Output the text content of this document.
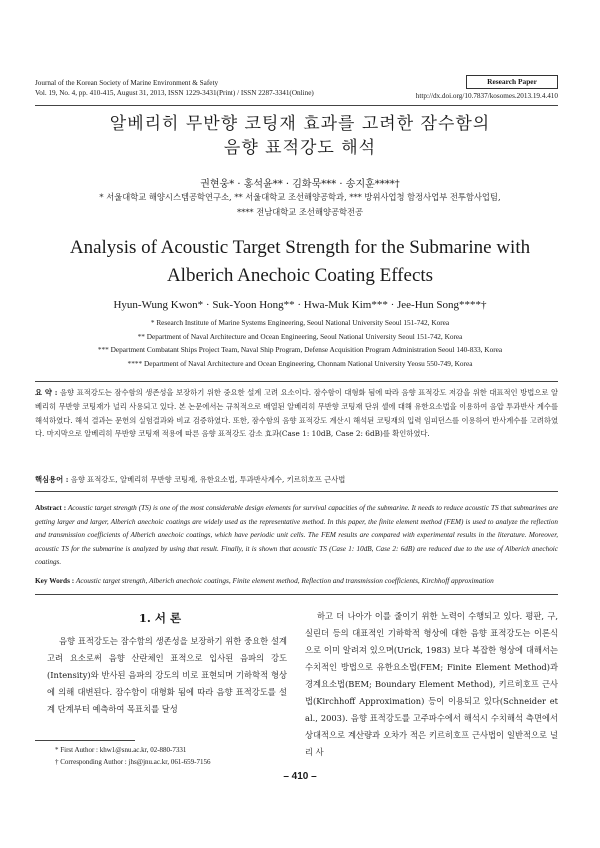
Journal of the Korean Society of Marine Environment & Safety
Vol. 19, No. 4, pp. 410-415, August 31, 2013, ISSN 1229-3431(Print) / ISSN 2287-3341(Online)
Research Paper
http://dx.doi.org/10.7837/kosomes.2013.19.4.410
알베리히 무반향 코팅재 효과를 고려한 잠수함의
음향 표적강도 해석
권현웅* · 홍석윤** · 김화묵*** · 송지훈****†
* 서울대학교 해양시스템공학연구소, ** 서울대학교 조선해양공학과, *** 방위사업청 함정사업부 전투함사업팀,
**** 전남대학교 조선해양공학전공
Analysis of Acoustic Target Strength for the Submarine with
Alberich Anechoic Coating Effects
Hyun-Wung Kwon* · Suk-Yoon Hong** · Hwa-Muk Kim*** · Jee-Hun Song****†
* Research Institute of Marine Systems Engineering, Seoul National University Seoul 151-742, Korea
** Department of Naval Architecture and Ocean Engineering, Seoul National University Seoul 151-742, Korea
*** Department Combatant Ships Project Team, Naval Ship Program, Defense Acquisition Program Administration Seoul 140-833, Korea
**** Department of Naval Architecture and Ocean Engineering, Chonnam National University Yeosu 550-749, Korea
요 약 : 음향 표적강도는 잠수함의 생존성을 보장하기 위한 중요한 설계 고려 요소이다. 잠수함이 대형화 됨에 따라 음향 표적강도 저감을 위한 대표적인 방법으로 알베리히 무반향 코팅재가 널리 사용되고 있다. 본 논문에서는 규칙적으로 배열된 알베리히 무반향 코팅재 단위 셀에 대해 유한요소법을 이용하여 음압 투과반사 계수를 해석하였다. 해석 결과는 문헌의 실험결과와 비교 검증하였다. 또한, 잠수함의 음향 표적강도 계산시 해석된 코팅재의 입력 임피던스를 이용하여 반사계수를 고려하였다. 마지막으로 알베리히 무반향 코팅재 적용에 따른 음향 표적강도 감소 효과(Case 1: 10dB, Case 2: 6dB)를 확인하였다.
핵심용어 : 음향 표적강도, 알베리히 무반향 코팅재, 유한요소법, 투과반사계수, 키르히호프 근사법
Abstract : Acoustic target strength (TS) is one of the most considerable design elements for survival capacities of the submarine. It needs to reduce acoustic TS that submarines are getting larger and larger, Alberich anechoic coatings are widely used as the representative method. In this paper, the finite element method (FEM) is used to analyze the reflection and transmission coefficients of Alberich anechoic coatings, which have periodic unit cells. The FEM results are compared with experimental results in the literature. Moreover, acoustic TS for the submarine is analyzed by using that result. Finally, it is shown that acoustic TS (Case 1: 10dB, Case 2: 6dB) are reduced due to the use of Alberich anechoic coatings.
Key Words : Acoustic target strength, Alberich anechoic coatings, Finite element method, Reflection and transmission coefficients, Kirchhoff approximation
1. 서 론
음향 표적강도는 잠수함의 생존성을 보장하기 위한 중요한 설계 고려 요소로써 음향 산란체인 표적으로 입사된 음파의 강도(Intensity)와 반사된 음파의 강도의 비로 표현되며 기하학적 형상에 의해 대변된다. 잠수함이 대형화 됨에 따라 음향 표적강도를 설계 단계부터 예측하여 목표치를 달성
하고 더 나아가 이를 줄이기 위한 노력이 수행되고 있다. 평판, 구, 실린더 등의 대표적인 기하학적 형상에 대한 음향 표적강도는 이론식으로 이미 알려져 있으며(Urick, 1983) 보다 복잡한 형상에 대해서는 수치적인 방법으로 유한요소법(FEM; Finite Element Method)과 경계요소법(BEM; Boundary Element Method), 키르히호프 근사법(Kirchhoff Approximation) 등이 이용되고 있다(Schneider et al., 2003). 음향 표적강도를 고주파수에서 해석시 수치해석 측면에서 상대적으로 계산량과 오차가 적은 키르히호프 근사법이 일반적으로 널리 사
* First Author : khw1@snu.ac.kr, 02-880-7331
† Corresponding Author : jhs@jnu.ac.kr, 061-659-7156
– 410 –
